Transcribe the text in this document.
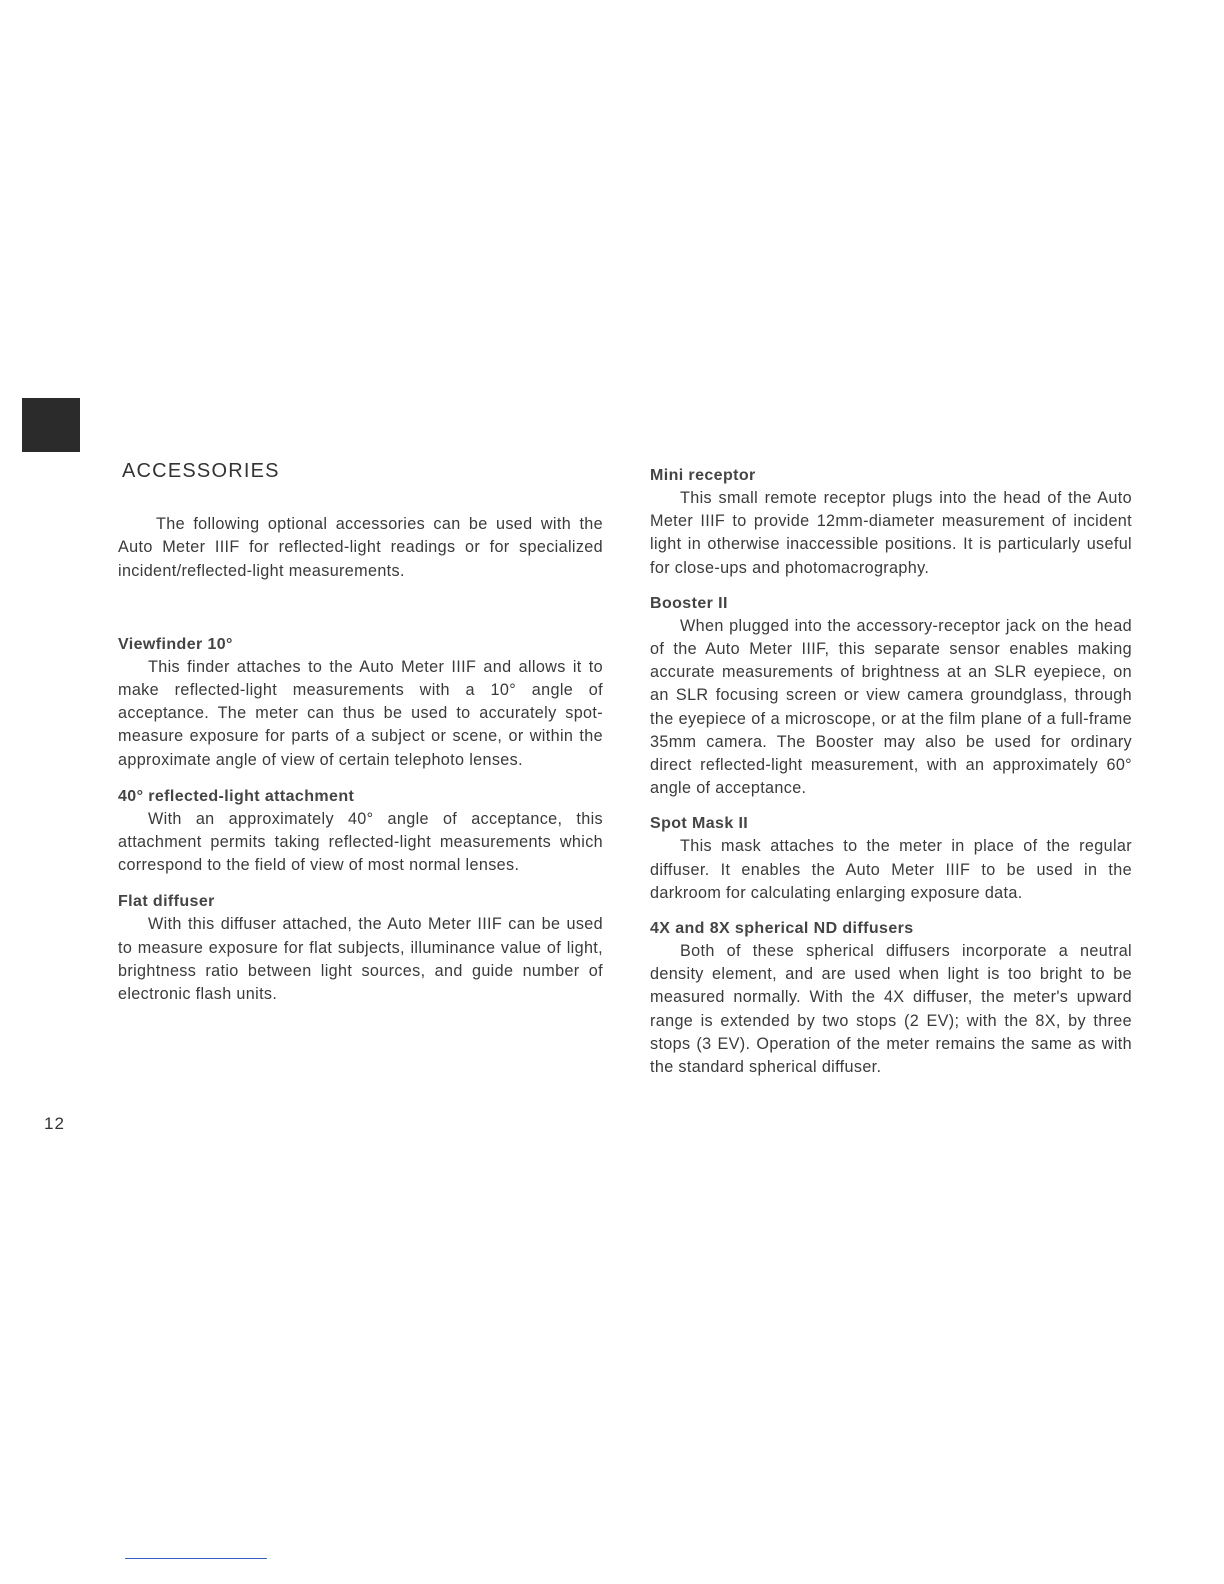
ACCESSORIES

The following optional accessories can be used with the Auto Meter IIIF for reflected-light readings or for specialized incident/reflected-light measurements.

Viewfinder 10°

This finder attaches to the Auto Meter IIIF and allows it to make reflected-light measurements with a 10° angle of acceptance. The meter can thus be used to accurately spot-measure exposure for parts of a subject or scene, or within the approximate angle of view of certain telephoto lenses.

40° reflected-light attachment

With an approximately 40° angle of acceptance, this attachment permits taking reflected-light measurements which correspond to the field of view of most normal lenses.

Flat diffuser

With this diffuser attached, the Auto Meter IIIF can be used to measure exposure for flat subjects, illuminance value of light, brightness ratio between light sources, and guide number of electronic flash units.

Mini receptor

This small remote receptor plugs into the head of the Auto Meter IIIF to provide 12mm-diameter measurement of incident light in otherwise inaccessible positions. It is particularly useful for close-ups and photomacrography.

Booster II

When plugged into the accessory-receptor jack on the head of the Auto Meter IIIF, this separate sensor enables making accurate measurements of brightness at an SLR eyepiece, on an SLR focusing screen or view camera groundglass, through the eyepiece of a microscope, or at the film plane of a full-frame 35mm camera. The Booster may also be used for ordinary direct reflected-light measurement, with an approximately 60° angle of acceptance.

Spot Mask II

This mask attaches to the meter in place of the regular diffuser. It enables the Auto Meter IIIF to be used in the darkroom for calculating enlarging exposure data.

4X and 8X spherical ND diffusers

Both of these spherical diffusers incorporate a neutral density element, and are used when light is too bright to be measured normally. With the 4X diffuser, the meter's upward range is extended by two stops (2 EV); with the 8X, by three stops (3 EV). Operation of the meter remains the same as with the standard spherical diffuser.

12
